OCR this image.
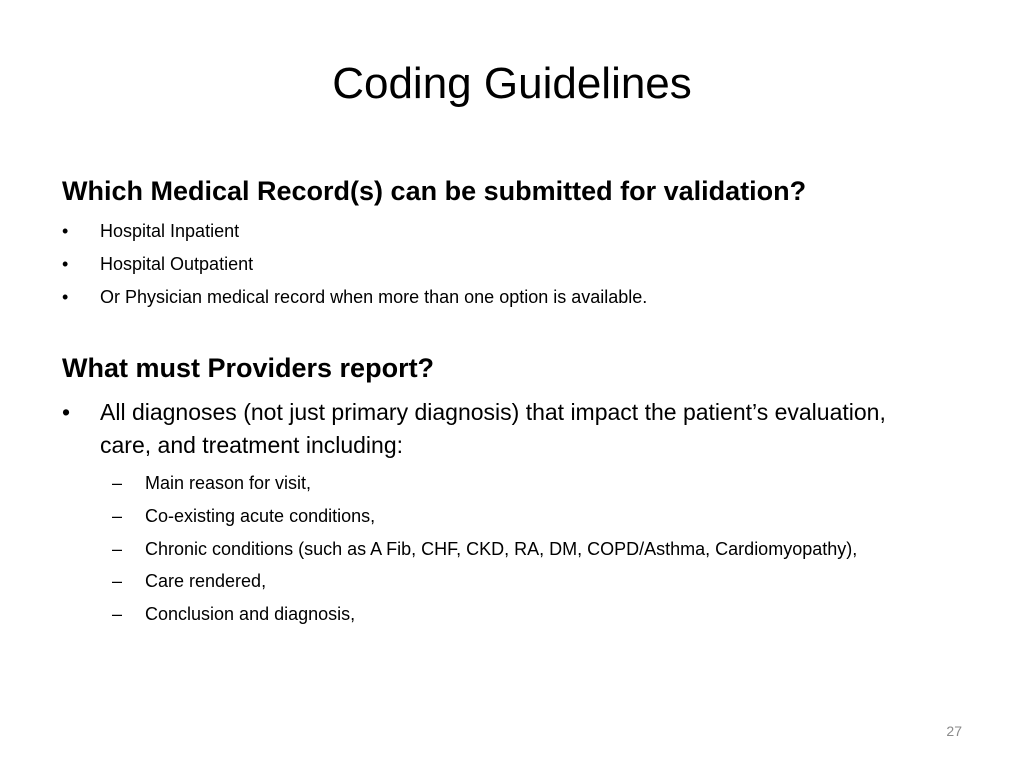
Coding Guidelines
Which Medical Record(s) can be submitted for validation?
• Hospital Inpatient
• Hospital Outpatient
• Or Physician medical record when more than one option is available.
What must Providers report?
• All diagnoses (not just primary diagnosis) that impact the patient’s evaluation, care, and treatment including:
– Main reason for visit,
– Co-existing acute conditions,
– Chronic conditions (such as A Fib, CHF, CKD, RA, DM, COPD/Asthma, Cardiomyopathy),
– Care rendered,
– Conclusion and diagnosis,
27
